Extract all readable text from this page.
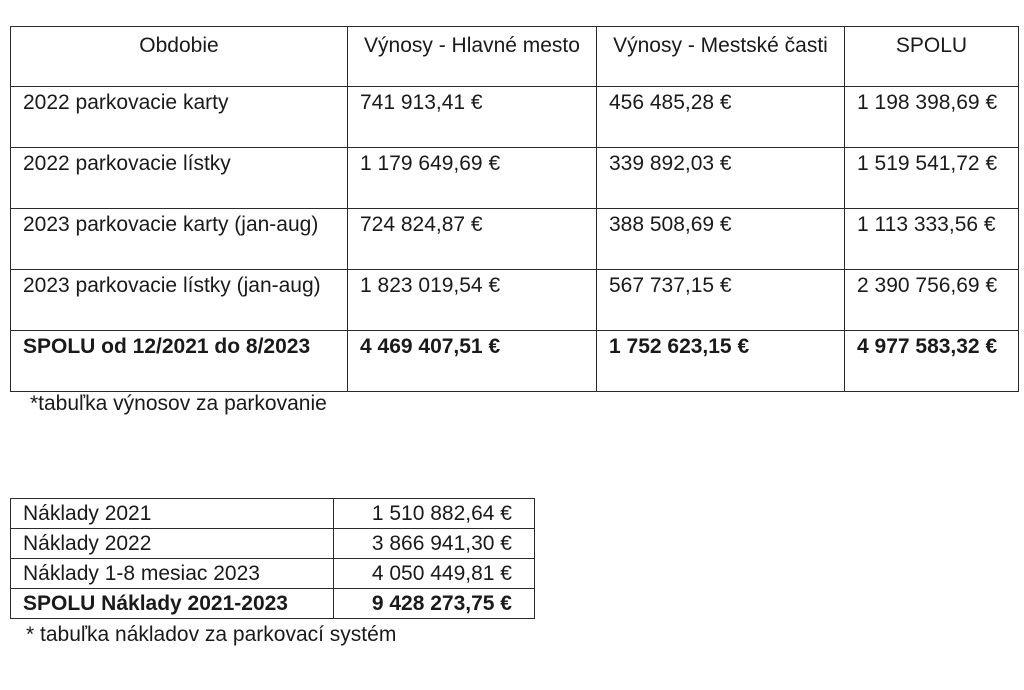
Obdobie	Výnosy - Hlavné mesto	Výnosy - Mestské časti	SPOLU
2022 parkovacie karty	741 913,41 €	456 485,28 €	1 198 398,69 €
2022 parkovacie lístky	1 179 649,69 €	339 892,03 €	1 519 541,72 €
2023 parkovacie karty (jan-aug)	724 824,87 €	388 508,69 €	1 113 333,56 €
2023 parkovacie lístky (jan-aug)	1 823 019,54 €	567 737,15 €	2 390 756,69 €
SPOLU od 12/2021 do 8/2023	4 469 407,51 €	1 752 623,15 €	4 977 583,32 €
*tabuľka výnosov za parkovanie
Náklady 2021	1 510 882,64 €
Náklady 2022	3 866 941,30 €
Náklady 1-8 mesiac 2023	4 050 449,81 €
SPOLU Náklady 2021-2023	9 428 273,75 €
* tabuľka nákladov za parkovací systém
